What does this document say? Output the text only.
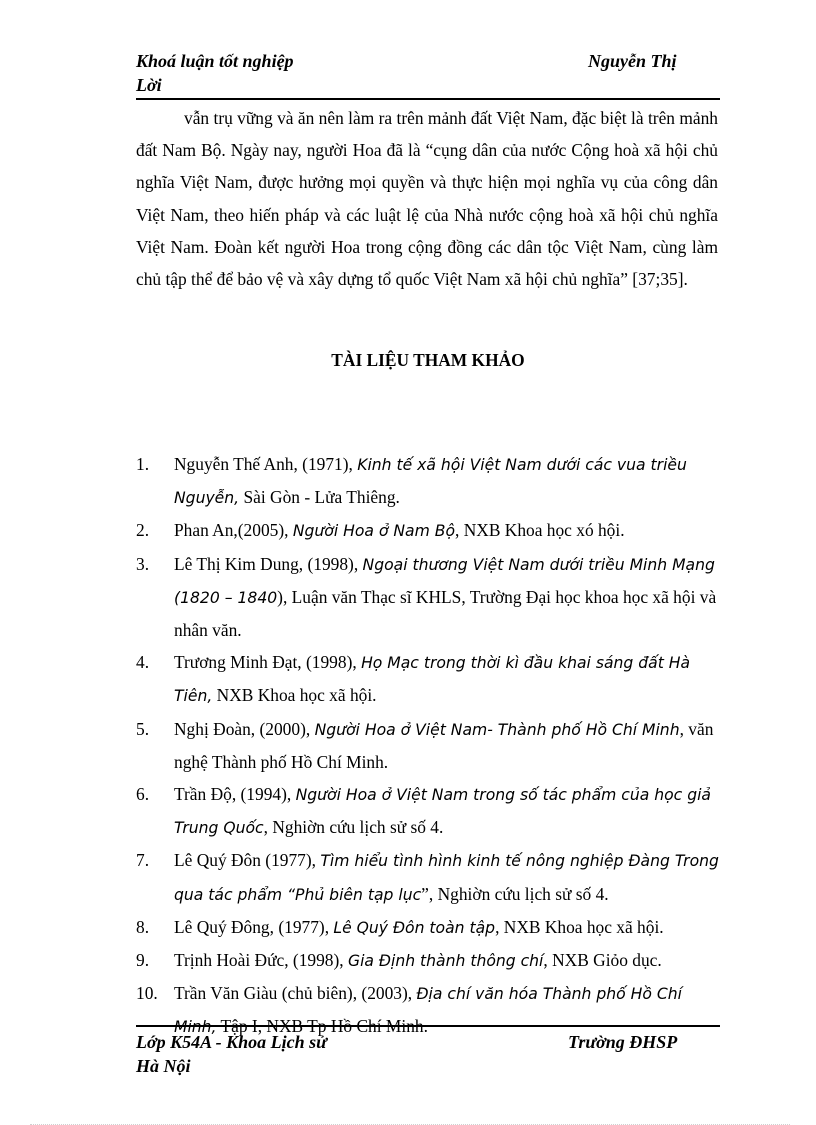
Khoá luận tốt nghiệp
Lời
Nguyễn Thị

vẫn trụ vững và ăn nên làm ra trên mảnh đất Việt Nam, đặc biệt là trên mảnh đất Nam Bộ. Ngày nay, người Hoa đã là “cụng dân của nước Cộng hoà xã hội chủ nghĩa Việt Nam, được hưởng mọi quyền và thực hiện mọi nghĩa vụ của công dân Việt Nam, theo hiến pháp và các luật lệ của Nhà nước cộng hoà xã hội chủ nghĩa Việt Nam. Đoàn kết người Hoa trong cộng đồng các dân tộc Việt Nam, cùng làm chủ tập thể để bảo vệ và xây dựng tổ quốc Việt Nam xã hội chủ nghĩa” [37;35].

TÀI LIỆU THAM KHẢO
1. Nguyễn Thế Anh, (1971), Kinh tế xã hội Việt Nam dưới các vua triều Nguyễn, Sài Gòn - Lửa Thiêng.
2. Phan An,(2005), Người Hoa ở Nam Bộ, NXB Khoa học xó hội.
3. Lê Thị Kim Dung, (1998), Ngoại thương Việt Nam dưới triều Minh Mạng (1820 – 1840), Luận văn Thạc sĩ KHLS, Trường Đại học khoa học xã hội và nhân văn.
4. Trương Minh Đạt, (1998), Họ Mạc trong thời kì đầu khai sáng đất Hà Tiên, NXB Khoa học xã hội.
5. Nghị Đoàn, (2000), Người Hoa ở Việt Nam- Thành phố Hồ Chí Minh, văn nghệ Thành phố Hồ Chí Minh.
6. Trần Độ, (1994), Người Hoa ở Việt Nam trong số tác phẩm của học giả Trung Quốc, Nghiờn cứu lịch sử số 4.
7. Lê Quý Đôn (1977), Tìm hiểu tình hình kinh tế nông nghiệp Đàng Trong qua tác phẩm “Phủ biên tạp lục”, Nghiờn cứu lịch sử số 4.
8. Lê Quý Đông, (1977), Lê Quý Đôn toàn tập, NXB Khoa học xã hội.
9. Trịnh Hoài Đức, (1998), Gia Định thành thông chí, NXB Giỏo dục.
10. Trần Văn Giàu (chủ biên), (2003), Địa chí văn hóa Thành phố Hồ Chí Minh, Tập I, NXB Tp Hồ Chí Minh.
Lớp K54A - Khoa Lịch sử
Hà Nội
Trường ĐHSP
